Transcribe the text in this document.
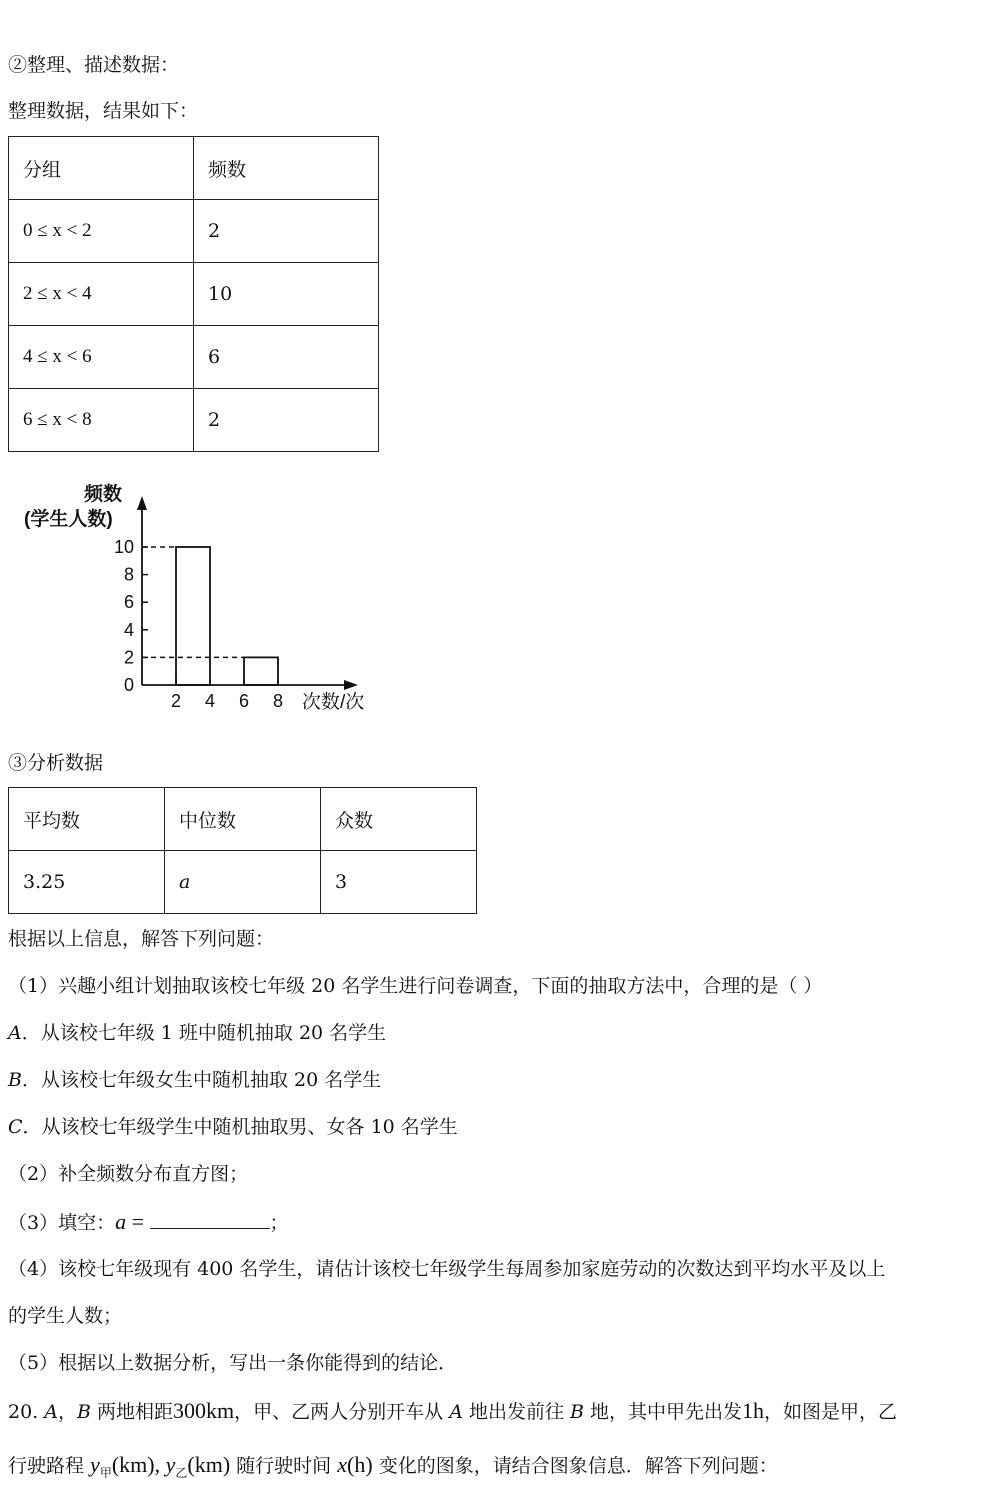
②整理、描述数据：
整理数据，结果如下：
分组	频数
0 ≤ x < 2	2
2 ≤ x < 4	10
4 ≤ x < 6	6
6 ≤ x < 8	2
0
2
4
6
8
10
2 4 6 8
频数
(学生人数)
次数/次
③分析数据
平均数	中位数	众数
3.25	a	3
根据以上信息，解答下列问题：
（1）兴趣小组计划抽取该校七年级 20 名学生进行问卷调查，下面的抽取方法中，合理的是（ ）
A．从该校七年级 1 班中随机抽取 20 名学生
B．从该校七年级女生中随机抽取 20 名学生
C．从该校七年级学生中随机抽取男、女各 10 名学生
（2）补全频数分布直方图；
（3）填空：a =	；
（4）该校七年级现有 400 名学生，请估计该校七年级学生每周参加家庭劳动的次数达到平均水平及以上
的学生人数；
（5）根据以上数据分析，写出一条你能得到的结论．
20. A，B 两地相距300km，甲、乙两人分别开车从 A 地出发前往 B 地，其中甲先出发1h，如图是甲，乙
行驶路程 $y_甲(km)$, $y_乙(km)$ 随行驶时间 x(h) 变化的图象，请结合图象信息．解答下列问题：
